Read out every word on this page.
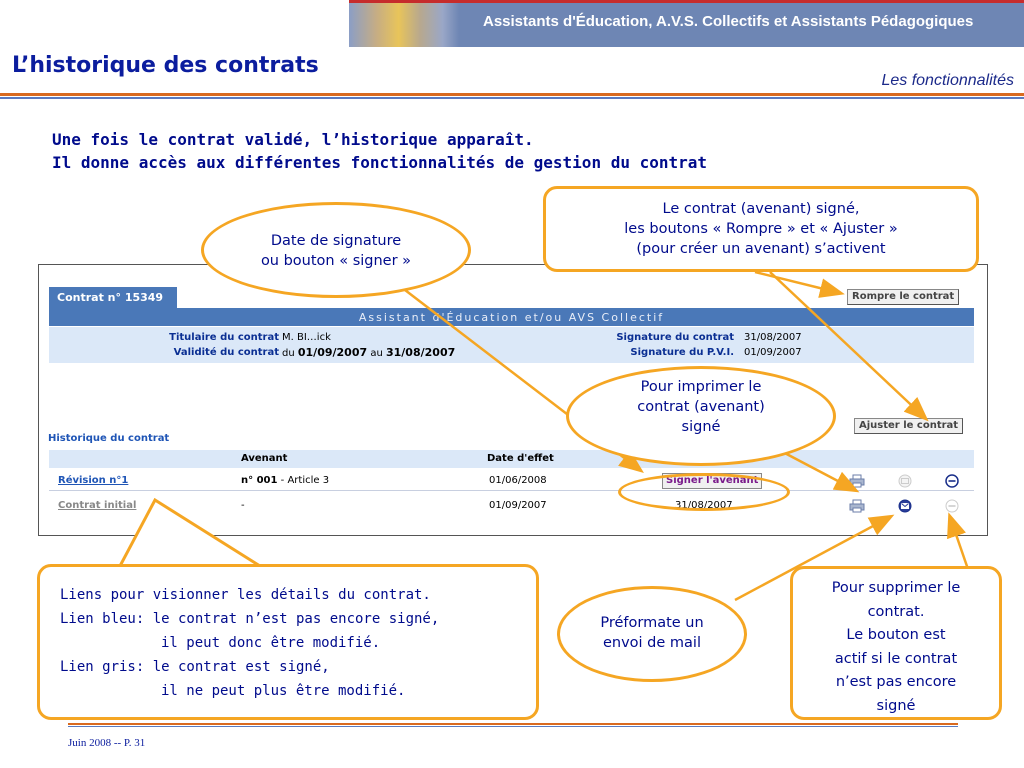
Assistants d'Éducation, A.V.S. Collectifs et Assistants Pédagogiques
L’historique des contrats
Les fonctionnalités
Une fois le contrat validé, l’historique apparaît.
Il donne accès aux différentes fonctionnalités de gestion du contrat
Contrat n° 15349
Assistant d'Éducation et/ou AVS Collectif
Titulaire du contrat M. BI…ick
Validité du contrat du 01/09/2007 au 31/08/2007
Signature du contrat 31/08/2007
Signature du P.V.I. 01/09/2007
Rompre le contrat
Ajuster le contrat
Historique du contrat
Avenant	Date d'effet
Révision n°1	n° 001 - Article 3	01/06/2008	Signer l'avenant
Contrat initial	-	01/09/2007	31/08/2007
Date de signature
ou bouton « signer »
Le contrat (avenant) signé,
les boutons « Rompre » et « Ajuster »
(pour créer un avenant) s’activent
Pour imprimer le
contrat (avenant)
signé
Liens pour visionner les détails du contrat.
Lien bleu: le contrat n’est pas encore signé,
il peut donc être modifié.
Lien gris: le contrat est signé,
il ne peut plus être modifié.
Préformate un
envoi de mail
Pour supprimer le
contrat.
Le bouton est
actif si le contrat
n’est pas encore
signé
Juin 2008 -- P. 31
